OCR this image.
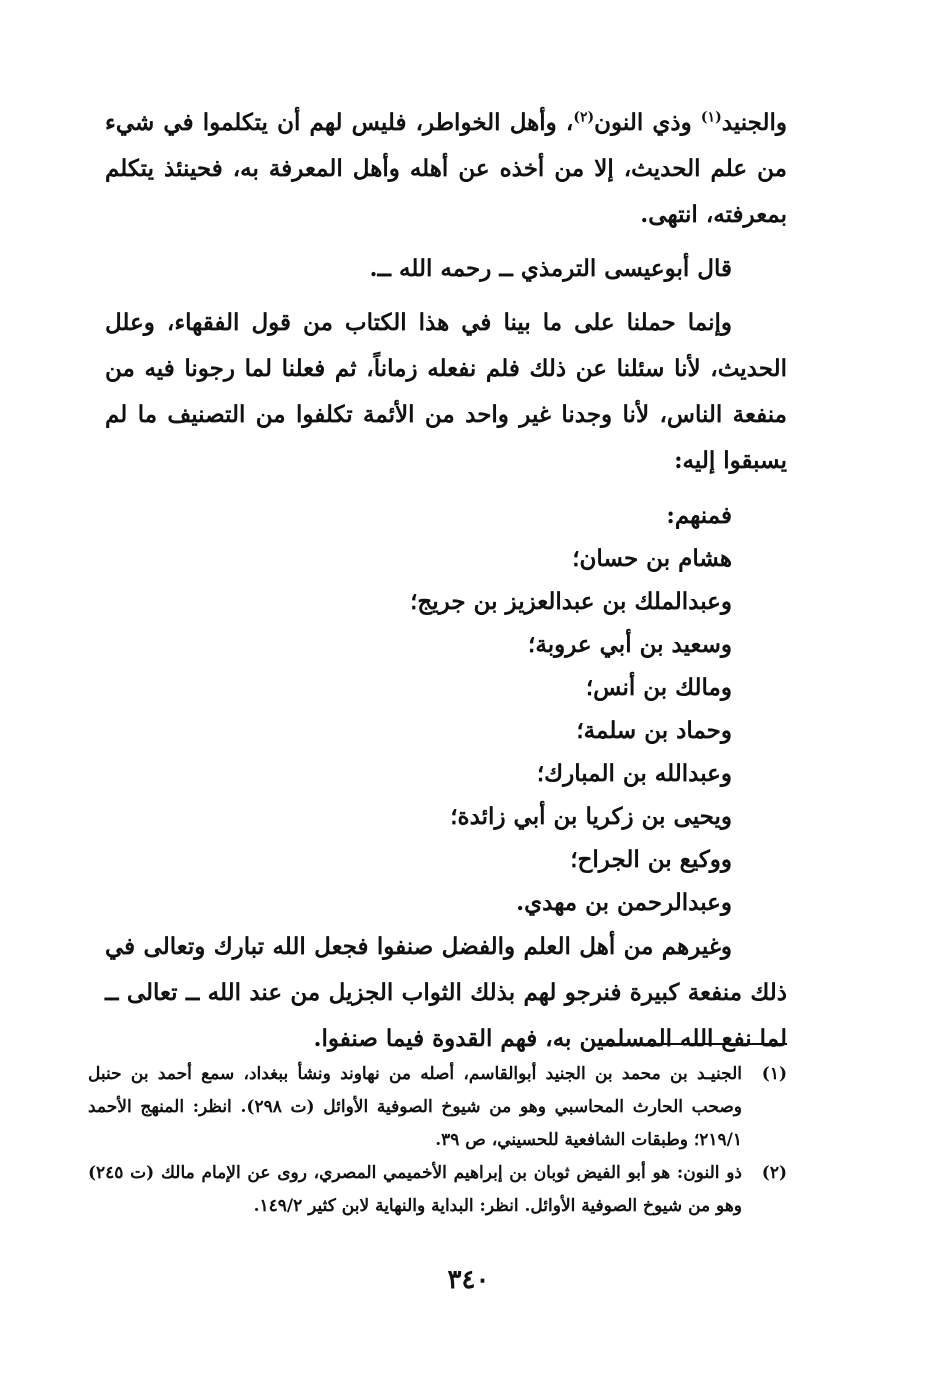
والجنيد$^{(١)}$ وذي النون$^{(٢)}$، وأهل الخواطر، فليس لهم أن يتكلموا في شيء من علم الحديث، إلا من أخذه عن أهله وأهل المعرفة به، فحينئذ يتكلم بمعرفته، انتهى.

قال أبوعيسى الترمذي ــ رحمه الله ــ.

وإنما حملنا على ما بينا في هذا الكتاب من قول الفقهاء، وعلل الحديث، لأنا سئلنا عن ذلك فلم نفعله زماناً، ثم فعلنا لما رجونا فيه من منفعة الناس، لأنا وجدنا غير واحد من الأئمة تكلفوا من التصنيف ما لم يسبقوا إليه:

فمنهم:
هشام بن حسان؛
وعبدالملك بن عبدالعزيز بن جريج؛
وسعيد بن أبي عروبة؛
ومالك بن أنس؛
وحماد بن سلمة؛
وعبدالله بن المبارك؛
ويحيى بن زكريا بن أبي زائدة؛
ووكيع بن الجراح؛
وعبدالرحمن بن مهدي.

وغيرهم من أهل العلم والفضل صنفوا فجعل الله تبارك وتعالى في ذلك منفعة كبيرة فنرجو لهم بذلك الثواب الجزيل من عند الله ــ تعالى ــ لما نفع الله المسلمين به، فهم القدوة فيما صنفوا.

(١)الجنيـد بن محمد بن الجنيد أبوالقاسم، أصله من نهاوند ونشأ ببغداد، سمع أحمد بن حنبل وصحب الحارث المحاسبي وهو من شيوخ الصوفية الأوائل (ت ٢٩٨). انظر: المنهج الأحمد ٢١٩/١؛ وطبقات الشافعية للحسيني، ص ٣٩.

(٢)ذو النون: هو أبو الفيض ثوبان بن إبراهيم الأخميمي المصري، روى عن الإمام مالك (ت ٢٤٥) وهو من شيوخ الصوفية الأوائل. انظر: البداية والنهاية لابن كثير ١٤٩/٢.

٣٤٠
